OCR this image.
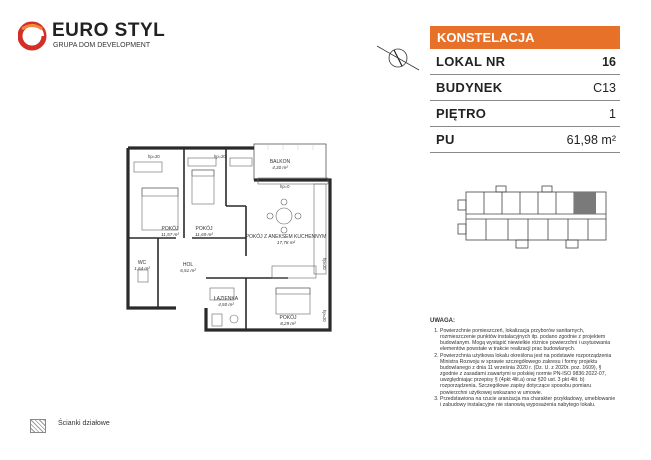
EURO STYL
GRUPA DOM DEVELOPMENT
KONSTELACJA
LOKAL NR	16
BUDYNEK	C13
PIĘTRO	1
PU	61,98 m²
BALKON
4,30 m²
POKÓJ
11,57 m²
POKÓJ
11,69 m²	POKÓJ Z ANEKSEM KUCHENNYM
17,78 m²
WC
1,64 m²
HOL
6,51 m²
ŁAZIENKA
4,50 m²
POKÓJ
8,29 m²
hp=20	hp=20
hp=0
hp=20
hp=20	UWAGA:
1. Powierzchnie pomieszczeń, lokalizacja przyborów sanitarnych, rozmieszczenie punktów instalacyjnych itp. podano zgodnie z projektem budowlanym. Mogą wystąpić niewielkie różnice powierzchni i usytuowania elementów powstałe w trakcie realizacji prac budowlanych.
2. Powierzchnia użytkowa lokalu określona jest na podstawie rozporządzenia Ministra Rozwoju w sprawie szczegółowego zakresu i formy projektu budowlanego z dnia 11 września 2020 r. (Dz. U. z 2020r. poz. 1609), § zgodnie z zasadami zawartymi w polskiej normie PN-ISO 9836:2022-07, uwzględniając przepisy § (4pkt 4lit.a) oraz §20 ust. 3 pkt 4lit. b) rozporządzenia. Szczegółowe zapisy dotyczące sposobu pomiaru powierzchni użytkowej wskazano w umowie.
3. Przedstawiona na rzucie aranżacja ma charakter przykładowy, umeblowanie i zabudowy instalacyjne nie stanowią wyposażenia nabytego lokalu.
Ścianki działowe
